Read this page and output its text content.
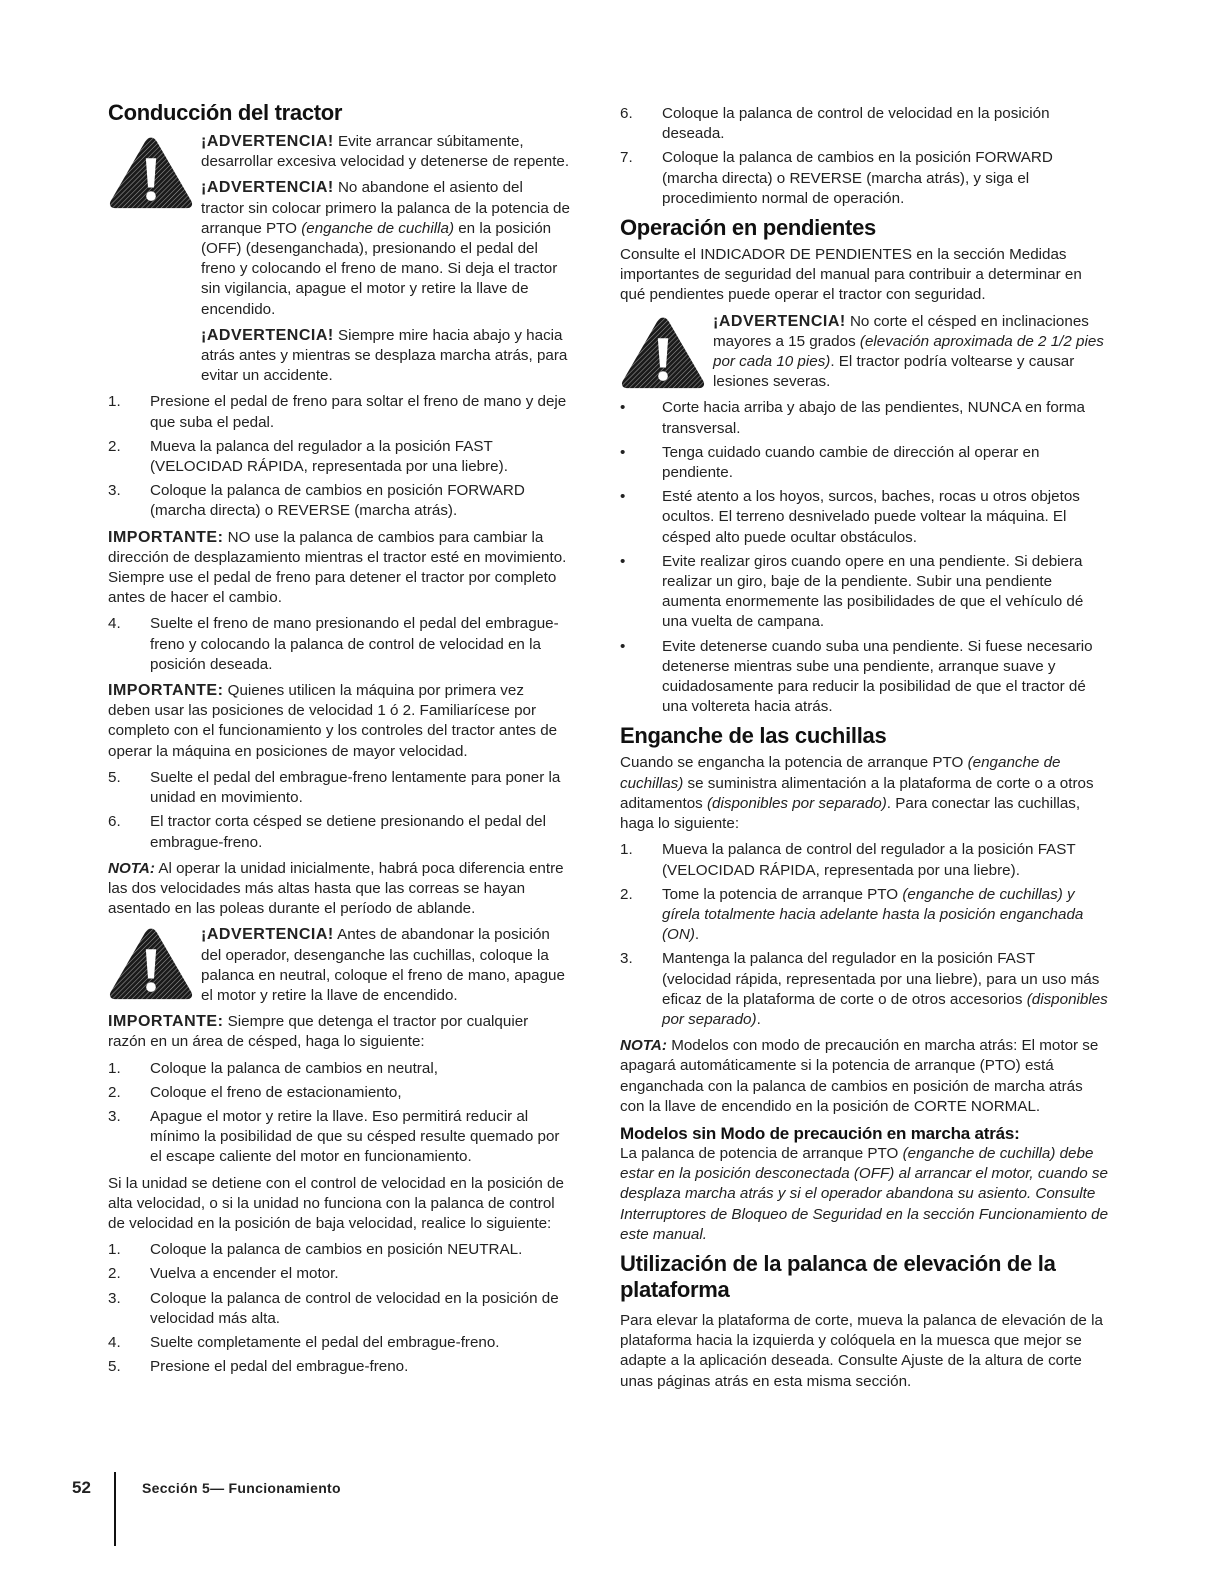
Conducción del tractor

¡ADVERTENCIA! Evite arrancar súbitamente, desarrollar excesiva velocidad y detenerse de repente.

¡ADVERTENCIA! No abandone el asiento del tractor sin colocar primero la palanca de la potencia de arranque PTO (enganche de cuchilla) en la posición (OFF) (desenganchada), presionando el pedal del freno y colocando el freno de mano. Si deja el tractor sin vigilancia, apague el motor y retire la llave de encendido.

¡ADVERTENCIA! Siempre mire hacia abajo y hacia atrás antes y mientras se desplaza marcha atrás, para evitar un accidente.

1. Presione el pedal de freno para soltar el freno de mano y deje que suba el pedal.
2. Mueva la palanca del regulador a la posición FAST (VELOCIDAD RÁPIDA, representada por una liebre).
3. Coloque la palanca de cambios en posición FORWARD (marcha directa) o REVERSE (marcha atrás).

IMPORTANTE: NO use la palanca de cambios para cambiar la dirección de desplazamiento mientras el tractor esté en movimiento. Siempre use el pedal de freno para detener el tractor por completo antes de hacer el cambio.

4. Suelte el freno de mano presionando el pedal del embrague-freno y colocando la palanca de control de velocidad en la posición deseada.

IMPORTANTE: Quienes utilicen la máquina por primera vez deben usar las posiciones de velocidad 1 ó 2. Familiarícese por completo con el funcionamiento y los controles del tractor antes de operar la máquina en posiciones de mayor velocidad.

5. Suelte el pedal del embrague-freno lentamente para poner la unidad en movimiento.
6. El tractor corta césped se detiene presionando el pedal del embrague-freno.

NOTA: Al operar la unidad inicialmente, habrá poca diferencia entre las dos velocidades más altas hasta que las correas se hayan asentado en las poleas durante el período de ablande.

¡ADVERTENCIA! Antes de abandonar la posición del operador, desenganche las cuchillas, coloque la palanca en neutral, coloque el freno de mano, apague el motor y retire la llave de encendido.

IMPORTANTE: Siempre que detenga el tractor por cualquier razón en un área de césped, haga lo siguiente:

1. Coloque la palanca de cambios en neutral,
2. Coloque el freno de estacionamiento,
3. Apague el motor y retire la llave. Eso permitirá reducir al mínimo la posibilidad de que su césped resulte quemado por el escape caliente del motor en funcionamiento.

Si la unidad se detiene con el control de velocidad en la posición de alta velocidad, o si la unidad no funciona con la palanca de control de velocidad en la posición de baja velocidad, realice lo siguiente:

1. Coloque la palanca de cambios en posición NEUTRAL.
2. Vuelva a encender el motor.
3. Coloque la palanca de control de velocidad en la posición de velocidad más alta.
4. Suelte completamente el pedal del embrague-freno.
5. Presione el pedal del embrague-freno.
6. Coloque la palanca de control de velocidad en la posición deseada.
7. Coloque la palanca de cambios en la posición FORWARD (marcha directa) o REVERSE (marcha atrás), y siga el procedimiento normal de operación.
Operación en pendientes

Consulte el INDICADOR DE PENDIENTES en la sección Medidas importantes de seguridad del manual para contribuir a determinar en qué pendientes puede operar el tractor con seguridad.

¡ADVERTENCIA! No corte el césped en inclinaciones mayores a 15 grados (elevación aproximada de 2 1/2 pies por cada 10 pies). El tractor podría voltearse y causar lesiones severas.

• Corte hacia arriba y abajo de las pendientes, NUNCA en forma transversal.
• Tenga cuidado cuando cambie de dirección al operar en pendiente.
• Esté atento a los hoyos, surcos, baches, rocas u otros objetos ocultos. El terreno desnivelado puede voltear la máquina. El césped alto puede ocultar obstáculos.
• Evite realizar giros cuando opere en una pendiente. Si debiera realizar un giro, baje de la pendiente. Subir una pendiente aumenta enormemente las posibilidades de que el vehículo dé una vuelta de campana.
• Evite detenerse cuando suba una pendiente. Si fuese necesario detenerse mientras sube una pendiente, arranque suave y cuidadosamente para reducir la posibilidad de que el tractor dé una voltereta hacia atrás.
Enganche de las cuchillas

Cuando se engancha la potencia de arranque PTO (enganche de cuchillas) se suministra alimentación a la plataforma de corte o a otros aditamentos (disponibles por separado). Para conectar las cuchillas, haga lo siguiente:

1. Mueva la palanca de control del regulador a la posición FAST (VELOCIDAD RÁPIDA, representada por una liebre).
2. Tome la potencia de arranque PTO (enganche de cuchillas) y gírela totalmente hacia adelante hasta la posición enganchada (ON).
3. Mantenga la palanca del regulador en la posición FAST (velocidad rápida, representada por una liebre), para un uso más eficaz de la plataforma de corte o de otros accesorios (disponibles por separado).

NOTA: Modelos con modo de precaución en marcha atrás: El motor se apagará automáticamente si la potencia de arranque (PTO) está enganchada con la palanca de cambios en posición de marcha atrás con la llave de encendido en la posición de CORTE NORMAL.

Modelos sin Modo de precaución en marcha atrás:

La palanca de potencia de arranque PTO (enganche de cuchilla) debe estar en la posición desconectada (OFF) al arrancar el motor, cuando se desplaza marcha atrás y si el operador abandona su asiento. Consulte Interruptores de Bloqueo de Seguridad en la sección Funcionamiento de este manual.

Utilización de la palanca de elevación de la plataforma

Para elevar la plataforma de corte, mueva la palanca de elevación de la plataforma hacia la izquierda y colóquela en la muesca que mejor se adapte a la aplicación deseada. Consulte Ajuste de la altura de corte unas páginas atrás en esta misma sección.

52	Sección 5— Funcionamiento
